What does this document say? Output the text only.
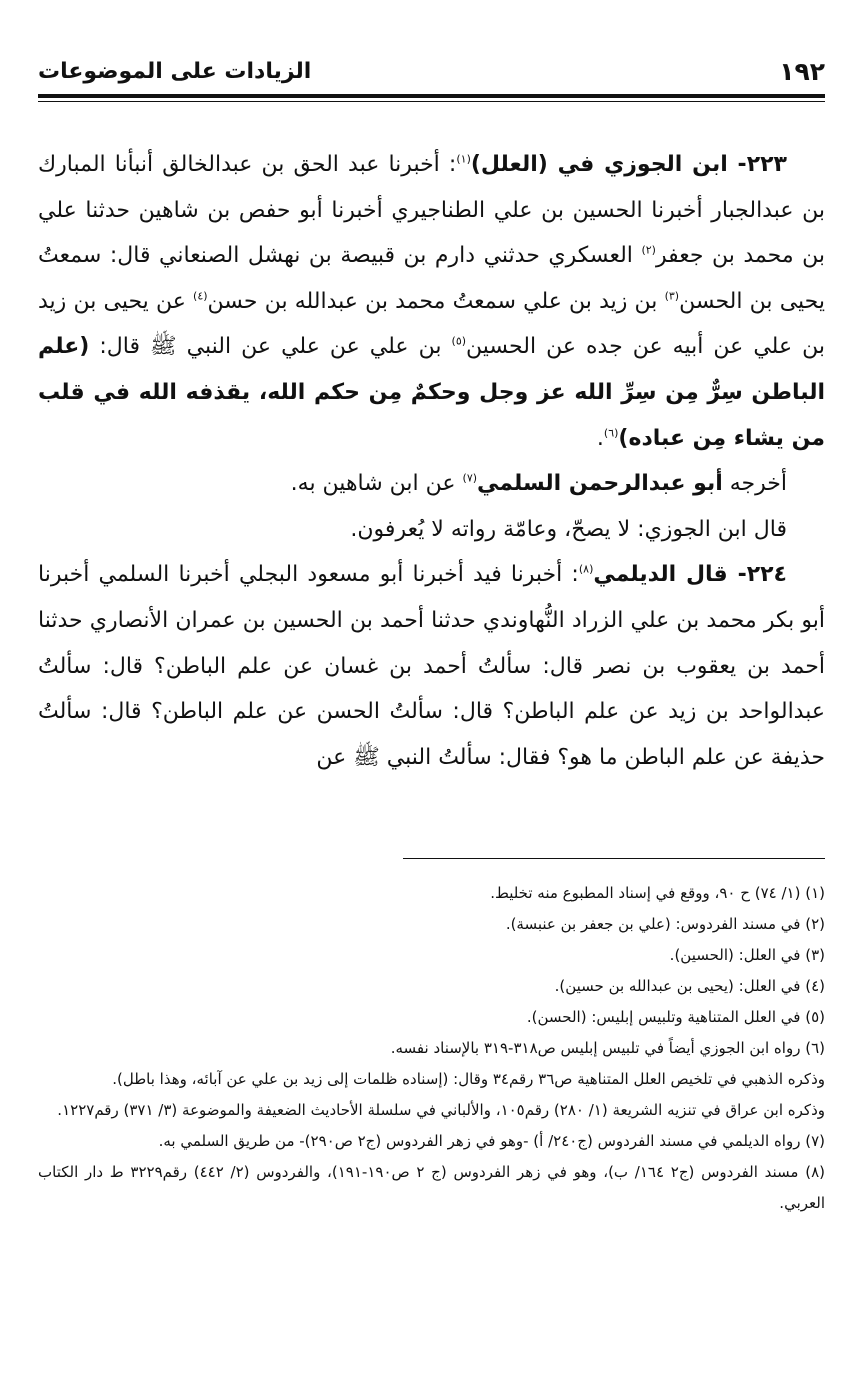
١٩٢
الزيادات على الموضوعات

٢٢٣- ابن الجوزي في (العلل)$^{(١)}$: أخبرنا عبد الحق بن عبدالخالق أنبأنا المبارك بن عبدالجبار أخبرنا الحسين بن علي الطناجيري أخبرنا أبو حفص بن شاهين حدثنا علي بن محمد بن جعفر$^{(٢)}$ العسكري حدثني دارم بن قبيصة بن نهشل الصنعاني قال: سمعتُ يحيى بن الحسن$^{(٣)}$ بن زيد بن علي سمعتُ محمد بن عبدالله بن حسن$^{(٤)}$ عن يحيى بن زيد بن علي عن أبيه عن جده عن الحسين$^{(٥)}$ بن علي عن علي عن النبي ﷺ قال: (علم الباطن سِرٌّ مِن سِرِّ الله عز وجل وحكمٌ مِن حكم الله، يقذفه الله في قلب من يشاء مِن عباده)$^{(٦)}$.

أخرجه أبو عبدالرحمن السلمي$^{(٧)}$ عن ابن شاهين به.

قال ابن الجوزي: لا يصحّ، وعامّة رواته لا يُعرفون.

٢٢٤- قال الديلمي$^{(٨)}$: أخبرنا فيد أخبرنا أبو مسعود البجلي أخبرنا السلمي أخبرنا أبو بكر محمد بن علي الزراد النُّهاوندي حدثنا أحمد بن الحسين بن عمران الأنصاري حدثنا أحمد بن يعقوب بن نصر قال: سألتُ أحمد بن غسان عن علم الباطن؟ قال: سألتُ عبدالواحد بن زيد عن علم الباطن؟ قال: سألتُ الحسن عن علم الباطن؟ قال: سألتُ حذيفة عن علم الباطن ما هو؟ فقال: سألتُ النبي ﷺ عن

(١) (١/ ٧٤) ح ٩٠، ووقع في إسناد المطبوع منه تخليط.

(٢) في مسند الفردوس: (علي بن جعفر بن عنبسة).

(٣) في العلل: (الحسين).

(٤) في العلل: (يحيى بن عبدالله بن حسين).

(٥) في العلل المتناهية وتلبيس إبليس: (الحسن).

(٦) رواه ابن الجوزي أيضاً في تلبيس إبليس ص٣١٨-٣١٩ بالإسناد نفسه.

وذكره الذهبي في تلخيص العلل المتناهية ص٣٦ رقم٣٤ وقال: (إسناده ظلمات إلى زيد بن علي عن آبائه، وهذا باطل).

وذكره ابن عراق في تنزيه الشريعة (١/ ٢٨٠) رقم١٠٥، والألباني في سلسلة الأحاديث الضعيفة والموضوعة (٣/ ٣٧١) رقم١٢٢٧.

(٧) رواه الديلمي في مسند الفردوس (ج٢٤٠/ أ) -وهو في زهر الفردوس (ج٢ ص٢٩٠)- من طريق السلمي به.

(٨) مسند الفردوس (ج٢ ١٦٤/ ب)، وهو في زهر الفردوس (ج ٢ ص١٩٠-١٩١)، والفردوس (٢/ ٤٤٢) رقم٣٢٢٩ ط دار الكتاب العربي.
